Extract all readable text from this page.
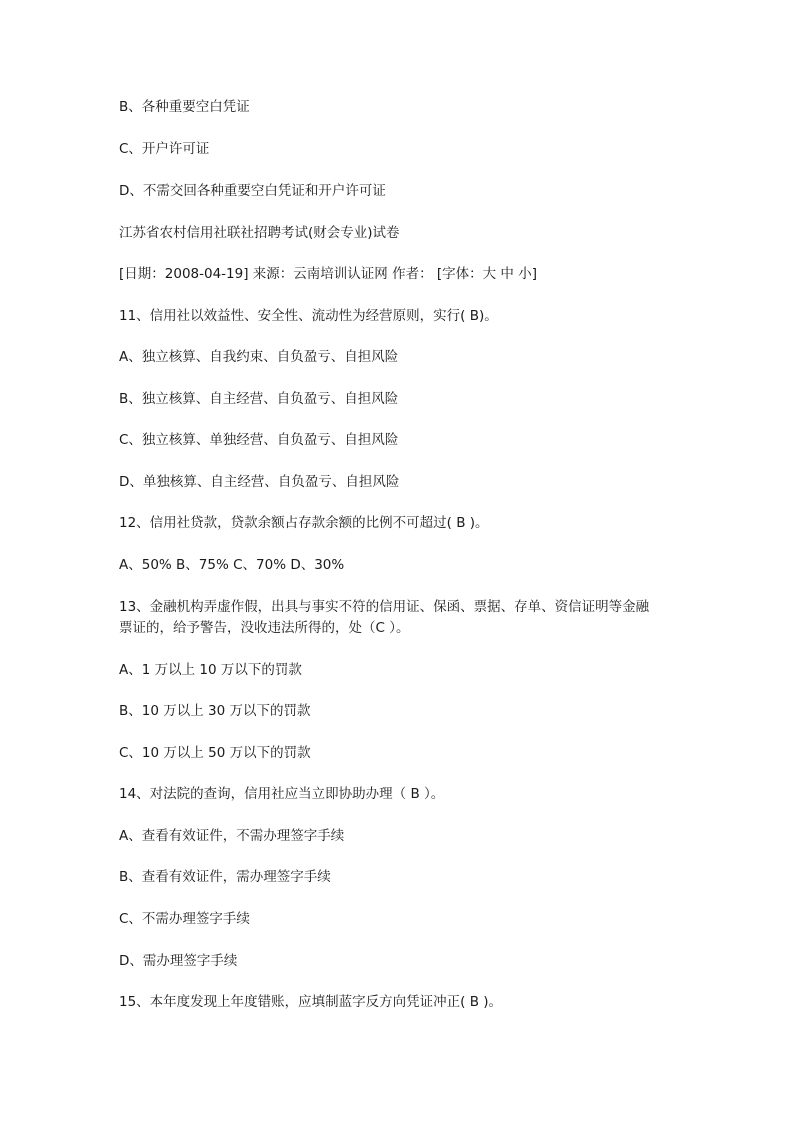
B、各种重要空白凭证
C、开户许可证
D、不需交回各种重要空白凭证和开户许可证
江苏省农村信用社联社招聘考试(财会专业)试卷
[日期：2008-04-19] 来源：云南培训认证网 作者： [字体：大 中 小]
11、信用社以效益性、安全性、流动性为经营原则，实行( B)。
A、独立核算、自我约束、自负盈亏、自担风险
B、独立核算、自主经营、自负盈亏、自担风险
C、独立核算、单独经营、自负盈亏、自担风险
D、单独核算、自主经营、自负盈亏、自担风险
12、信用社贷款，贷款余额占存款余额的比例不可超过( B )。
A、50% B、75% C、70% D、30%
13、金融机构弄虚作假，出具与事实不符的信用证、保函、票据、存单、资信证明等金融
票证的，给予警告，没收违法所得的，处（C ）。
A、1 万以上 10 万以下的罚款
B、10 万以上 30 万以下的罚款
C、10 万以上 50 万以下的罚款
14、对法院的查询，信用社应当立即协助办理（ B ）。
A、查看有效证件，不需办理签字手续
B、查看有效证件，需办理签字手续
C、不需办理签字手续
D、需办理签字手续
15、本年度发现上年度错账，应填制蓝字反方向凭证冲正( B )。
